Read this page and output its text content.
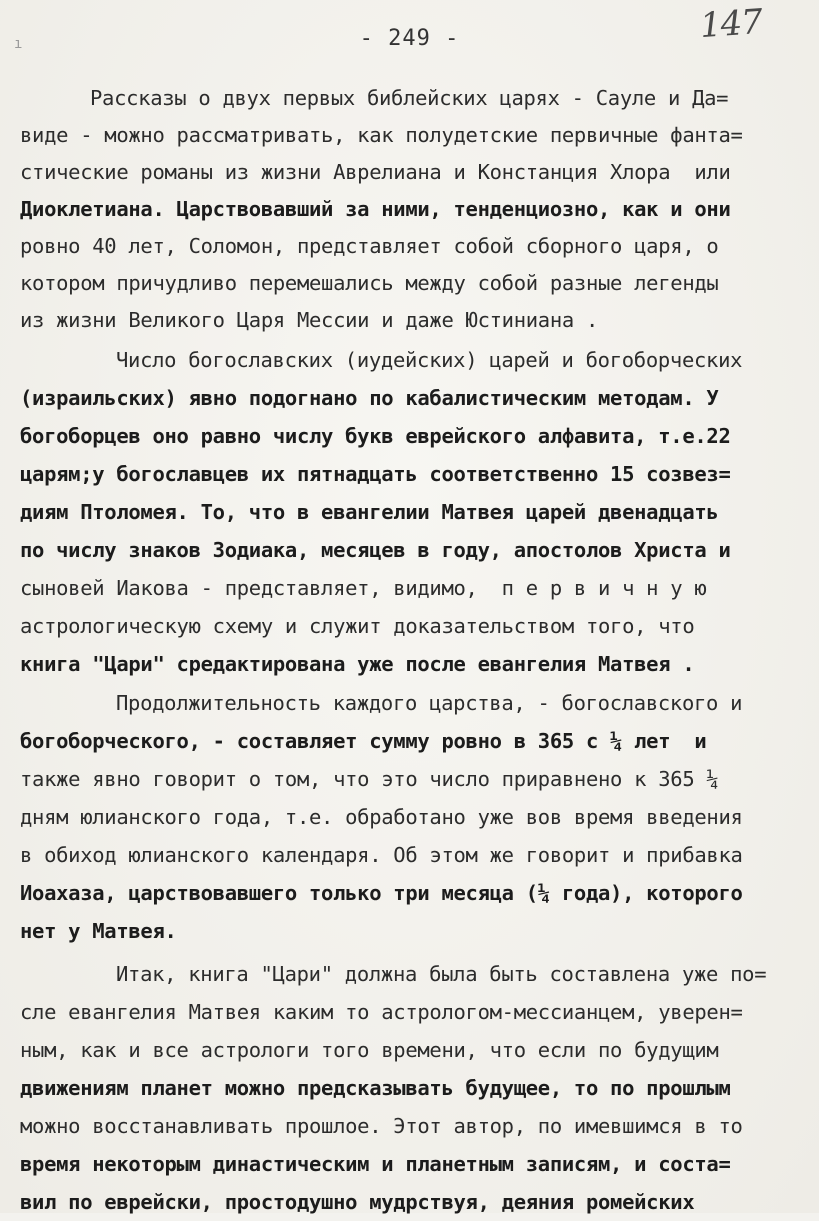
- 249 -	147
ı
Рассказы о двух первых библейских царях - Сауле и Да=
виде - можно рассматривать, как полудетские первичные фанта=
стические романы из жизни Аврелиана и Констанция Хлора  или
Диоклетиана. Царствовавший за ними, тенденциозно, как и они
ровно 40 лет, Соломон, представляет собой сборного царя, о
котором причудливо перемешались между собой разные легенды
из жизни Великого Царя Мессии и даже Юстиниана .
Число богославских (иудейских) царей и богоборческих
(израильских) явно подогнано по кабалистическим методам. У
богоборцев оно равно числу букв еврейского алфавита, т.е.22
царям;у богославцев их пятнадцать соответственно 15 созвез=
диям Птоломея. То, что в евангелии Матвея царей двенадцать
по числу знаков Зодиака, месяцев в году, апостолов Христа и
сыновей Иакова - представляет, видимо,  п е р в и ч н у ю
астрологическую схему и служит доказательством того, что
книга "Цари" средактирована уже после евангелия Матвея .
Продолжительность каждого царства, - богославского и
богоборческого, - составляет сумму ровно в 365 с ¼ лет  и
также явно говорит о том, что это число приравнено к 365 ¼
дням юлианского года, т.е. обработано уже вов время введения
в обиход юлианского календаря. Об этом же говорит и прибавка
Иоахаза, царствовавшего только три месяца (¼ года), которого
нет у Матвея.
Итак, книга "Цари" должна была быть составлена уже по=
сле евангелия Матвея каким то астрологом-мессианцем, уверен=
ным, как и все астрологи того времени, что если по будущим
движениям планет можно предсказывать будущее, то по прошлым
можно восстанавливать прошлое. Этот автор, по имевшимся в то
время некоторым династическим и планетным записям, и соста=
вил по еврейски, простодушно мудрствуя, деяния ромейских
